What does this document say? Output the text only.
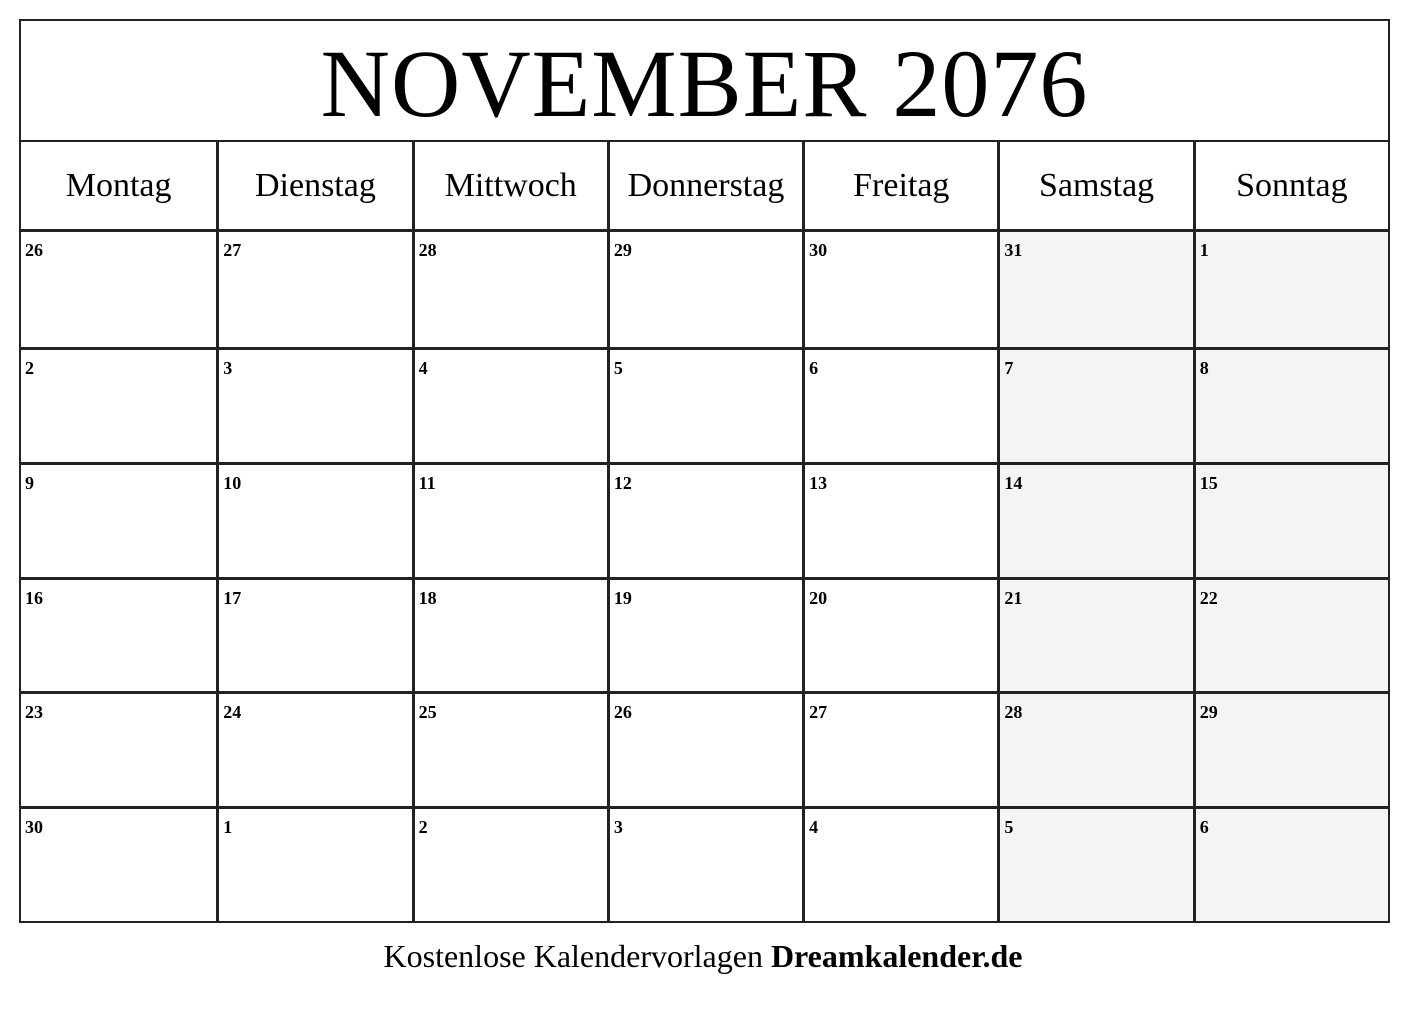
NOVEMBER 2076
Montag	Dienstag	Mittwoch	Donnerstag	Freitag	Samstag	Sonntag
26	27	28	29	30	31	1
2	3	4	5	6	7	8
9	10	11	12	13	14	15
16	17	18	19	20	21	22
23	24	25	26	27	28	29
30	1	2	3	4	5	6
Kostenlose Kalendervorlagen Dreamkalender.de
